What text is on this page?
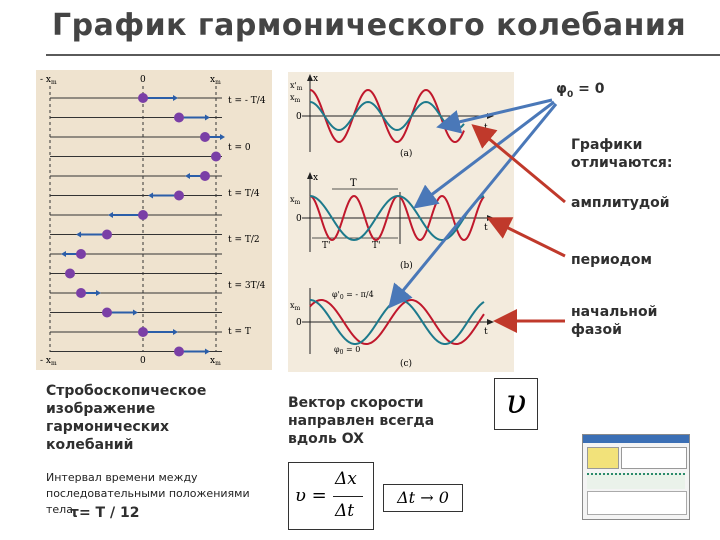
График гармонического колебания
- $x_m$	0	$x_m$
t = - T/4
t = 0
t = T/4
t = T/2
t = 3T/4
t = T
- $x_m$	0	$x_m$
x
$x'_m$
$x_m$
0
t
(a)
x
$x_m$
0
t
T
T'	T'
(b)
$x_m$
0
t
$\varphi'_0$ = - π/4
$\varphi_0 = 0$
(c)
$\varphi_0 = 0$
Графики отличаются:
амплитудой
периодом
начальной фазой
Стробоскопическое изображение гармонических колебаний
Интервал времени между последовательными положениями тела
τ= T / 12
Вектор скорости направлен всегда вдоль OX
υ
υ =
Δx
Δt
Δt → 0
